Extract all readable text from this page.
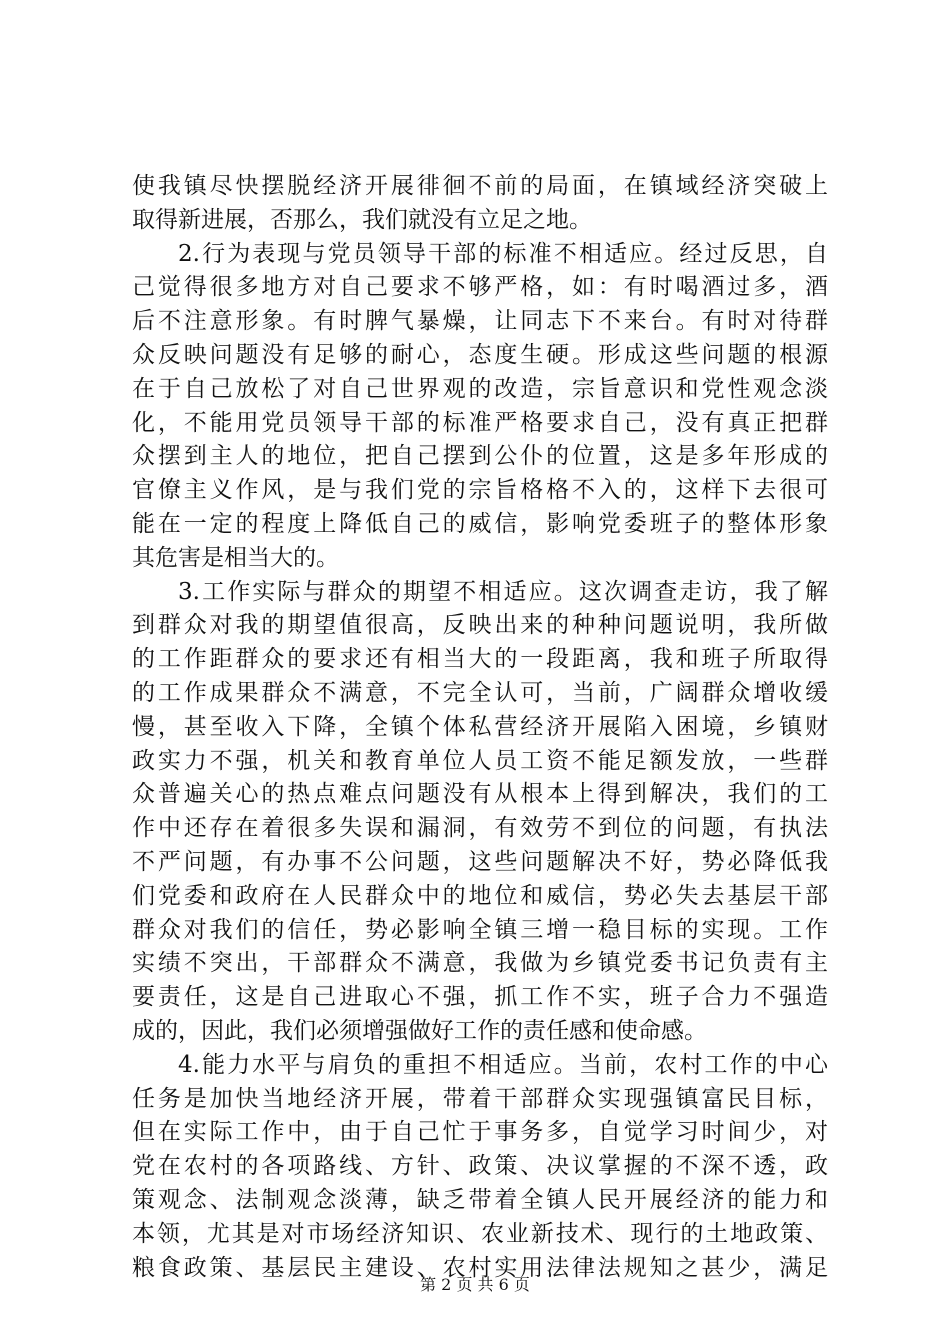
使我镇尽快摆脱经济开展徘徊不前的局面，在镇域经济突破上
取得新进展，否那么，我们就没有立足之地。
2.行为表现与党员领导干部的标准不相适应。经过反思，自
己觉得很多地方对自己要求不够严格，如：有时喝酒过多，酒
后不注意形象。有时脾气暴燥，让同志下不来台。有时对待群
众反映问题没有足够的耐心，态度生硬。形成这些问题的根源
在于自己放松了对自己世界观的改造，宗旨意识和党性观念淡
化，不能用党员领导干部的标准严格要求自己，没有真正把群
众摆到主人的地位，把自己摆到公仆的位置，这是多年形成的
官僚主义作风，是与我们党的宗旨格格不入的，这样下去很可
能在一定的程度上降低自己的威信，影响党委班子的整体形象
其危害是相当大的。
3.工作实际与群众的期望不相适应。这次调查走访，我了解
到群众对我的期望值很高，反映出来的种种问题说明，我所做
的工作距群众的要求还有相当大的一段距离，我和班子所取得
的工作成果群众不满意，不完全认可，当前，广阔群众增收缓
慢，甚至收入下降，全镇个体私营经济开展陷入困境，乡镇财
政实力不强，机关和教育单位人员工资不能足额发放，一些群
众普遍关心的热点难点问题没有从根本上得到解决，我们的工
作中还存在着很多失误和漏洞，有效劳不到位的问题，有执法
不严问题，有办事不公问题，这些问题解决不好，势必降低我
们党委和政府在人民群众中的地位和威信，势必失去基层干部
群众对我们的信任，势必影响全镇三增一稳目标的实现。工作
实绩不突出，干部群众不满意，我做为乡镇党委书记负责有主
要责任，这是自己进取心不强，抓工作不实，班子合力不强造
成的，因此，我们必须增强做好工作的责任感和使命感。
4.能力水平与肩负的重担不相适应。当前，农村工作的中心
任务是加快当地经济开展，带着干部群众实现强镇富民目标，
但在实际工作中，由于自己忙于事务多，自觉学习时间少，对
党在农村的各项路线、方针、政策、决议掌握的不深不透，政
策观念、法制观念淡薄，缺乏带着全镇人民开展经济的能力和
本领，尤其是对市场经济知识、农业新技术、现行的土地政策、
粮食政策、基层民主建设、农村实用法律法规知之甚少，满足
第 2 页 共 6 页
